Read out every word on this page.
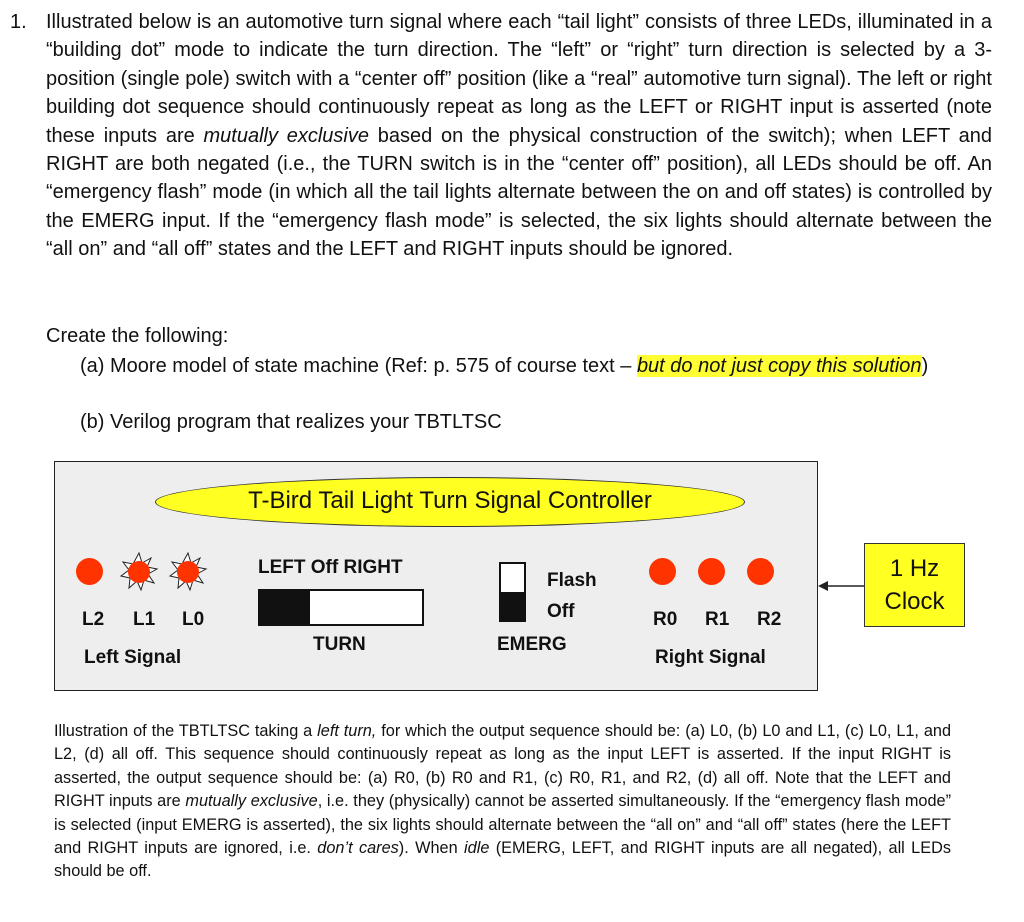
1. Illustrated below is an automotive turn signal where each “tail light” consists of three LEDs, illuminated in a “building dot” mode to indicate the turn direction. The “left” or “right” turn direction is selected by a 3-position (single pole) switch with a “center off” position (like a “real” automotive turn signal). The left or right building dot sequence should continuously repeat as long as the LEFT or RIGHT input is asserted (note these inputs are mutually exclusive based on the physical construction of the switch); when LEFT and RIGHT are both negated (i.e., the TURN switch is in the “center off” position), all LEDs should be off. An “emergency flash” mode (in which all the tail lights alternate between the on and off states) is controlled by the EMERG input. If the “emergency flash mode” is selected, the six lights should alternate between the “all on” and “all off” states and the LEFT and RIGHT inputs should be ignored.
Create the following:
(a) Moore model of state machine (Ref: p. 575 of course text – but do not just copy this solution)
(b) Verilog program that realizes your TBTLTSC
T-Bird Tail Light Turn Signal Controller
L2 L1 L0
Left Signal
LEFT Off RIGHT
TURN
Flash
Off
EMERG
R0 R1 R2
Right Signal
1 Hz
Clock
Illustration of the TBTLTSC taking a left turn, for which the output sequence should be: (a) L0, (b) L0 and L1, (c) L0, L1, and L2, (d) all off. This sequence should continuously repeat as long as the input LEFT is asserted. If the input RIGHT is asserted, the output sequence should be: (a) R0, (b) R0 and R1, (c) R0, R1, and R2, (d) all off. Note that the LEFT and RIGHT inputs are mutually exclusive, i.e. they (physically) cannot be asserted simultaneously. If the “emergency flash mode” is selected (input EMERG is asserted), the six lights should alternate between the “all on” and “all off” states (here the LEFT and RIGHT inputs are ignored, i.e. don’t cares). When idle (EMERG, LEFT, and RIGHT inputs are all negated), all LEDs should be off.
